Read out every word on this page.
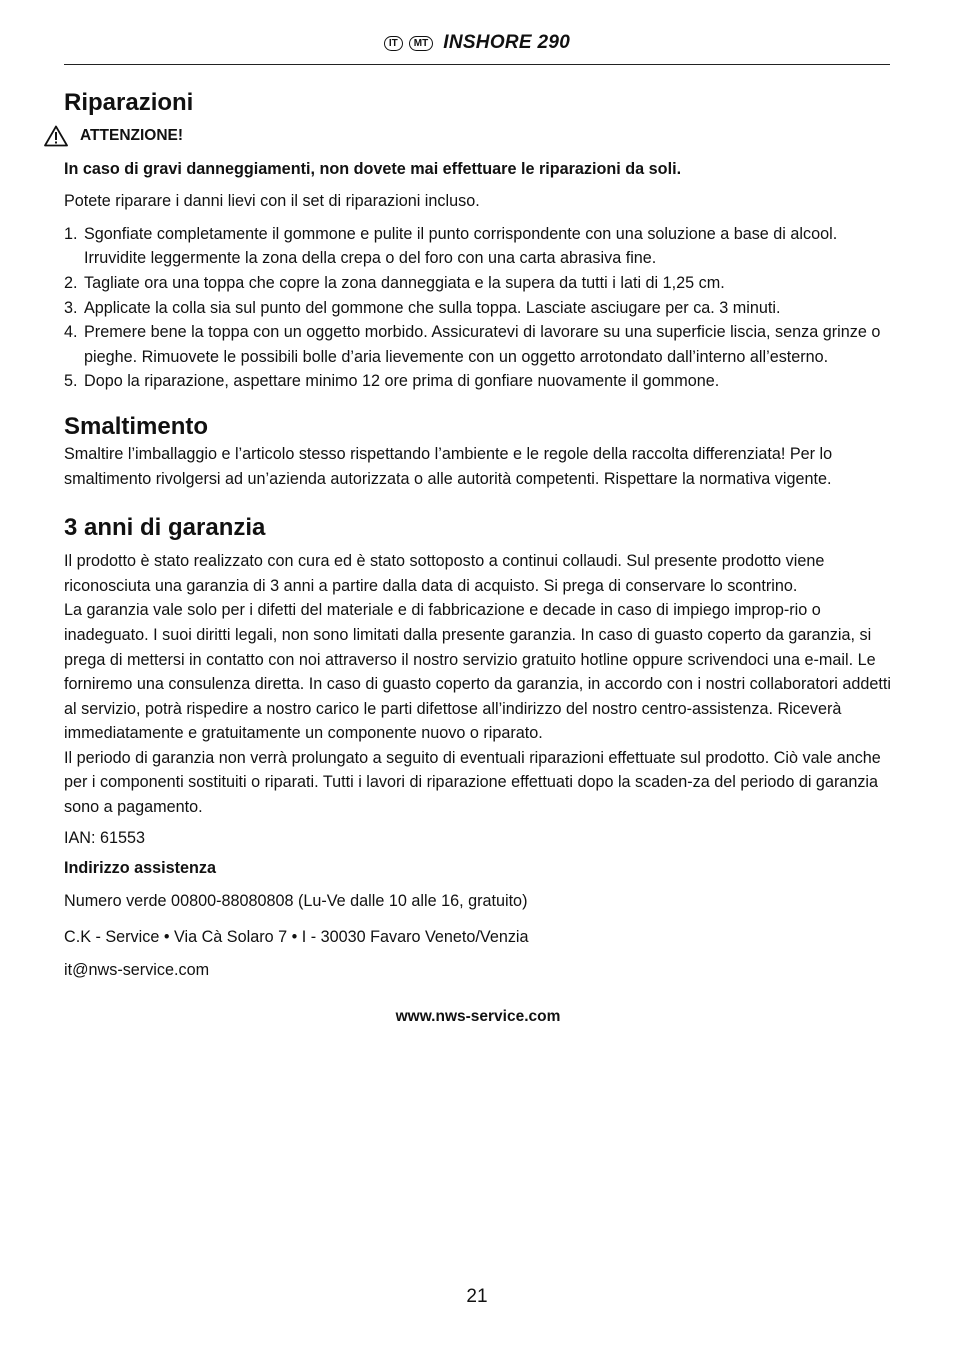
IT	MT INSHORE 290
Riparazioni
ATTENZIONE!

In caso di gravi danneggiamenti, non dovete mai effettuare le riparazioni da soli.

Potete riparare i danni lievi con il set di riparazioni incluso.

1. Sgonfiate completamente il gommone e pulite il punto corrispondente con una soluzione a base di alcool. Irruvidite leggermente la zona della crepa o del foro con una carta abrasiva fine.
2. Tagliate ora una toppa che copre la zona danneggiata e la supera da tutti i lati di 1,25 cm.
3. Applicate la colla sia sul punto del gommone che sulla toppa. Lasciate asciugare per ca. 3 minuti.
4. Premere bene la toppa con un oggetto morbido. Assicuratevi di lavorare su una superficie liscia, senza grinze o pieghe. Rimuovete le possibili bolle d’aria lievemente con un oggetto arrotondato dall’interno all’esterno.
5. Dopo la riparazione, aspettare minimo 12 ore prima di gonfiare nuovamente il gommone.
Smaltimento

Smaltire l’imballaggio e l’articolo stesso rispettando l’ambiente e le regole della raccolta differenziata! Per lo smaltimento rivolgersi ad un’azienda autorizzata o alle autorità competenti. Rispettare la normativa vigente.

3 anni di garanzia

Il prodotto è stato realizzato con cura ed è stato sottoposto a continui collaudi. Sul presente prodotto viene riconosciuta una garanzia di 3 anni a partire dalla data di acquisto. Si prega di conservare lo scontrino.

La garanzia vale solo per i difetti del materiale e di fabbricazione e decade in caso di impiego improp-rio o inadeguato. I suoi diritti legali, non sono limitati dalla presente garanzia. In caso di guasto coperto da garanzia, si prega di mettersi in contatto con noi attraverso il nostro servizio gratuito hotline oppure scrivendoci una e-mail. Le forniremo una consulenza diretta. In caso di guasto coperto da garanzia, in accordo con i nostri collaboratori addetti al servizio, potrà rispedire a nostro carico le parti difettose all’indirizzo del nostro centro-assistenza. Riceverà immediatamente e gratuitamente un componente nuovo o riparato.

Il periodo di garanzia non verrà prolungato a seguito di eventuali riparazioni effettuate sul prodotto. Ciò vale anche per i componenti sostituiti o riparati. Tutti i lavori di riparazione effettuati dopo la scaden-za del periodo di garanzia sono a pagamento.

IAN: 61553

Indirizzo assistenza

Numero verde 00800-88080808 (Lu-Ve dalle 10 alle 16, gratuito)

C.K - Service • Via Cà Solaro 7 • I - 30030 Favaro Veneto/Venzia

it@nws-service.com

www.nws-service.com

21
